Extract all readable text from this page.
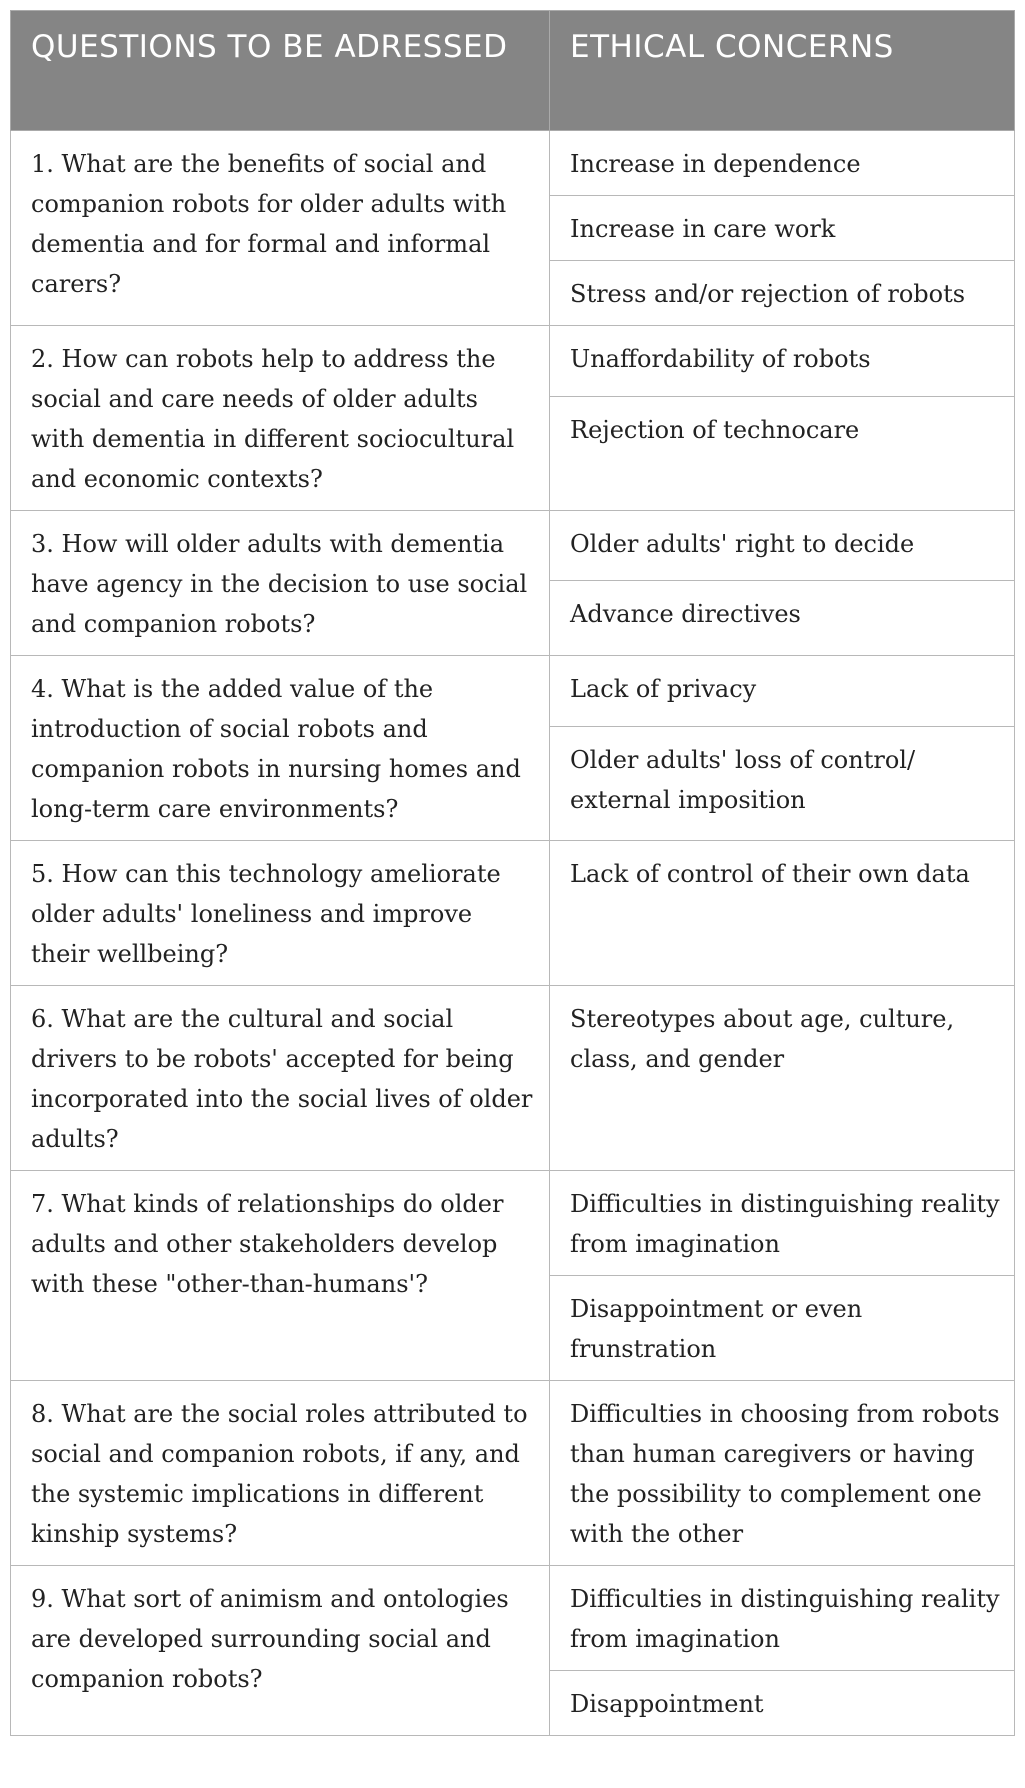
QUESTIONS TO BE ADRESSED	ETHICAL CONCERNS
1. What are the benefits of social and companion robots for older adults with dementia and for formal and informal carers?	Increase in dependence
	Increase in care work
	Stress and/or rejection of robots
2. How can robots help to address the social and care needs of older adults with dementia in different sociocultural and economic contexts?	Unaffordability of robots
	Rejection of technocare
3. How will older adults with dementia have agency in the decision to use social and companion robots?	Older adults' right to decide
	Advance directives
4. What is the added value of the introduction of social robots and companion robots in nursing homes and long-term care environments?	Lack of privacy
	Older adults' loss of control/ external imposition
5. How can this technology ameliorate older adults' loneliness and improve their wellbeing?	Lack of control of their own data
6. What are the cultural and social drivers to be robots' accepted for being incorporated into the social lives of older adults?	Stereotypes about age, culture, class, and gender
7. What kinds of relationships do older adults and other stakeholders develop with these "other-than-humans'?	Difficulties in distinguishing reality from imagination
	Disappointment or even frunstration
8. What are the social roles attributed to social and companion robots, if any, and the systemic implications in different kinship systems?	Difficulties in choosing from robots than human caregivers or having the possibility to complement one with the other
9. What sort of animism and ontologies are developed surrounding social and companion robots?	Difficulties in distinguishing reality from imagination
	Disappointment
